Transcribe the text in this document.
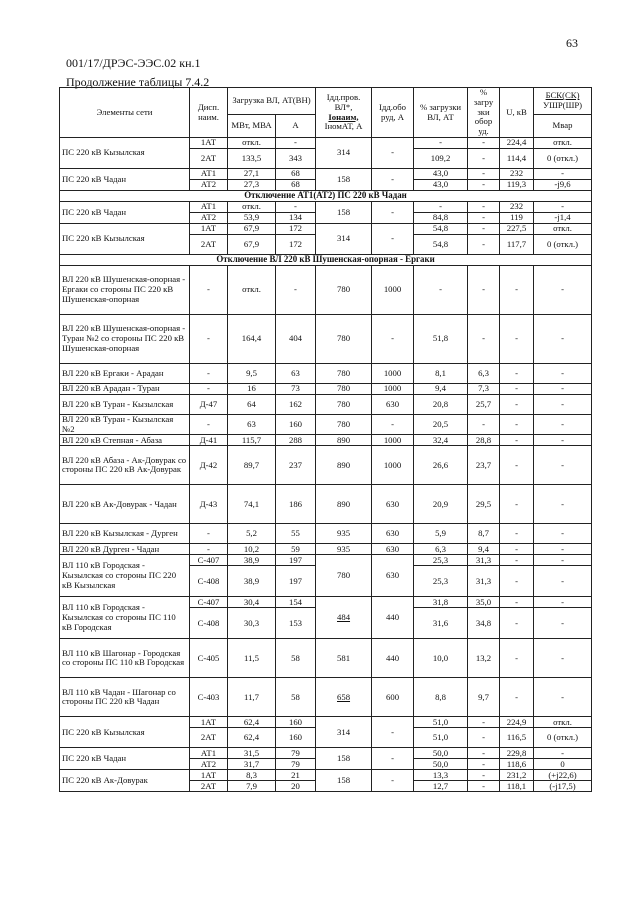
63
001/17/ДРЭС-ЭЭС.02 кн.1
Продолжение таблицы 7.4.2
Элементы сети	Дисп. наим.	Загрузка ВЛ, АТ(ВН)		Iдд.пров. ВЛ*,
Iонаим,
IномАТ, А	Iдд.обо руд, А	% загрузки ВЛ, АТ	% загру зки обор уд.	U, кВ	БСК(СК)
УШР(ШР)
		МВт, МВА	А						Мвар
ПС 220 кВ Кызылская	1АТ	откл.	-	314	-	-	-	224,4	откл.
	2АТ	133,5	343			109,2	-	114,4	0 (откл.)
ПС 220 кВ Чадан	АТ1	27,1	68	158	-	43,0	-	232	-
	АТ2	27,3	68			43,0	-	119,3	-j9,6
Отключение АТ1(АТ2) ПС 220 кВ Чадан									
ПС 220 кВ Чадан	АТ1	откл.	-	158	-	-	-	232	-
	АТ2	53,9	134			84,8	-	119	-j1,4
ПС 220 кВ Кызылская	1АТ	67,9	172	314	-	54,8	-	227,5	откл.
	2АТ	67,9	172			54,8	-	117,7	0 (откл.)
Отключение ВЛ 220 кВ Шушенская-опорная - Ергаки									
ВЛ 220 кВ Шушенская-опорная - Ергаки со стороны ПС 220 кВ Шушенская-опорная	-	откл.	-	780	1000	-	-	-	-
ВЛ 220 кВ Шушенская-опорная - Туран №2 со стороны ПС 220 кВ Шушенская-опорная	-	164,4	404	780	-	51,8	-	-	-
ВЛ 220 кВ Ергаки - Арадан	-	9,5	63	780	1000	8,1	6,3	-	-
ВЛ 220 кВ Арадан - Туран	-	16	73	780	1000	9,4	7,3	-	-
ВЛ 220 кВ Туран - Кызылская	Д-47	64	162	780	630	20,8	25,7	-	-
ВЛ 220 кВ Туран - Кызылская №2	-	63	160	780	-	20,5	-	-	-
ВЛ 220 кВ Степная - Абаза	Д-41	115,7	288	890	1000	32,4	28,8	-	-
ВЛ 220 кВ Абаза - Ак-Довурак со стороны ПС 220 кВ Ак-Довурак	Д-42	89,7	237	890	1000	26,6	23,7	-	-
ВЛ 220 кВ Ак-Довурак - Чадан	Д-43	74,1	186	890	630	20,9	29,5	-	-
ВЛ 220 кВ Кызылская - Дурген	-	5,2	55	935	630	5,9	8,7	-	-
ВЛ 220 кВ Дурген - Чадан	-	10,2	59	935	630	6,3	9,4	-	-
ВЛ 110 кВ Городская - Кызылская со стороны ПС 220 кВ Кызылская	С-407	38,9	197	780	630	25,3	31,3	-	-
	С-408	38,9	197			25,3	31,3	-	-
ВЛ 110 кВ Городская - Кызылская со стороны ПС 110 кВ Городская	С-407	30,4	154	484	440	31,8	35,0	-	-
	С-408	30,3	153			31,6	34,8	-	-
ВЛ 110 кВ Шагонар - Городская со стороны ПС 110 кВ Городская	С-405	11,5	58	581	440	10,0	13,2	-	-
ВЛ 110 кВ Чадан - Шагонар со стороны ПС 220 кВ Чадан	С-403	11,7	58	658	600	8,8	9,7	-	-
ПС 220 кВ Кызылская	1АТ	62,4	160	314	-	51,0	-	224,9	откл.
	2АТ	62,4	160			51,0	-	116,5	0 (откл.)
ПС 220 кВ Чадан	АТ1	31,5	79	158	-	50,0	-	229,8	-
	АТ2	31,7	79			50,0	-	118,6	0
ПС 220 кВ Ак-Довурак	1АТ	8,3	21	158	-	13,3	-	231,2	(+j22,6)
	2АТ	7,9	20			12,7	-	118,1	(-j17,5)
